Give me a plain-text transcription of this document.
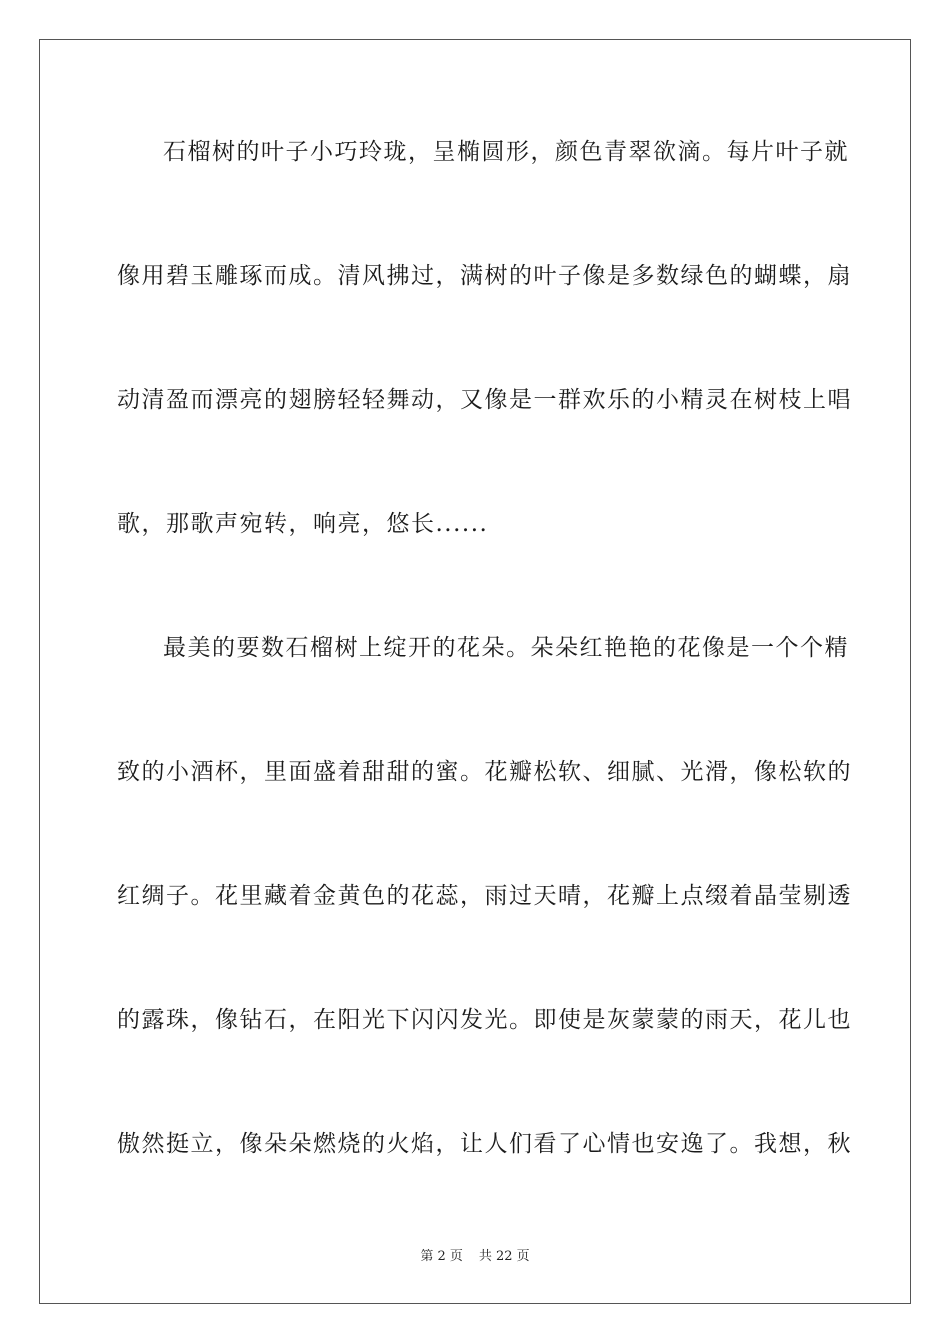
石榴树的叶子小巧玲珑，呈椭圆形，颜色青翠欲滴。每片叶子就
像用碧玉雕琢而成。清风拂过，满树的叶子像是多数绿色的蝴蝶，扇
动清盈而漂亮的翅膀轻轻舞动，又像是一群欢乐的小精灵在树枝上唱
歌，那歌声宛转，响亮，悠长......
最美的要数石榴树上绽开的花朵。朵朵红艳艳的花像是一个个精
致的小酒杯，里面盛着甜甜的蜜。花瓣松软、细腻、光滑，像松软的
红绸子。花里藏着金黄色的花蕊，雨过天晴，花瓣上点缀着晶莹剔透
的露珠，像钻石，在阳光下闪闪发光。即使是灰蒙蒙的雨天，花儿也
傲然挺立，像朵朵燃烧的火焰，让人们看了心情也安逸了。我想，秋
第 2 页 共 22 页
